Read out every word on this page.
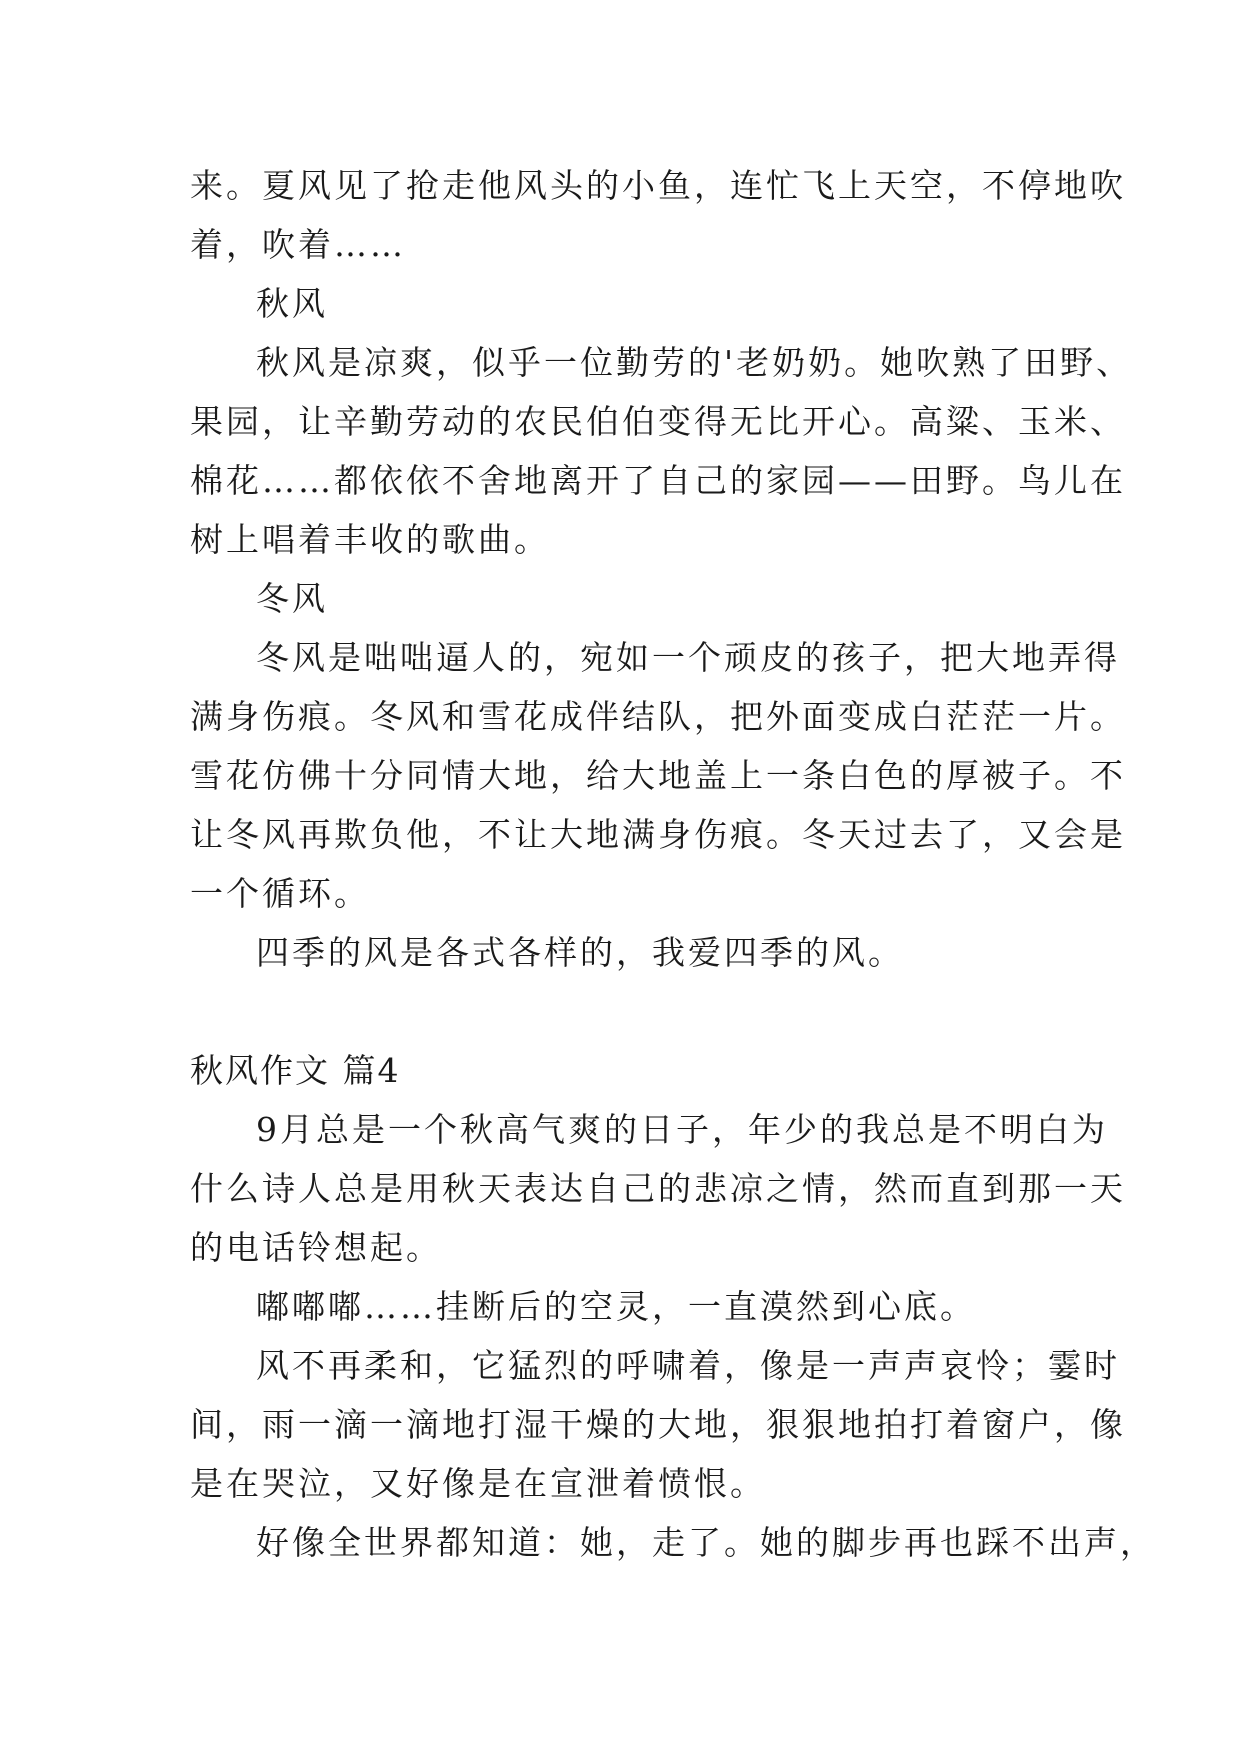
来。夏风见了抢走他风头的小鱼，连忙飞上天空，不停地吹
着，吹着……
秋风
秋风是凉爽，似乎一位勤劳的'老奶奶。她吹熟了田野、
果园，让辛勤劳动的农民伯伯变得无比开心。高粱、玉米、
棉花……都依依不舍地离开了自己的家园——田野。鸟儿在
树上唱着丰收的歌曲。
冬风
冬风是咄咄逼人的，宛如一个顽皮的孩子，把大地弄得
满身伤痕。冬风和雪花成伴结队，把外面变成白茫茫一片。
雪花仿佛十分同情大地，给大地盖上一条白色的厚被子。不
让冬风再欺负他，不让大地满身伤痕。冬天过去了，又会是
一个循环。
四季的风是各式各样的，我爱四季的风。
秋风作文 篇4
9月总是一个秋高气爽的日子，年少的我总是不明白为
什么诗人总是用秋天表达自己的悲凉之情，然而直到那一天
的电话铃想起。
嘟嘟嘟……挂断后的空灵，一直漠然到心底。
风不再柔和，它猛烈的呼啸着，像是一声声哀怜；霎时
间，雨一滴一滴地打湿干燥的大地，狠狠地拍打着窗户，像
是在哭泣，又好像是在宣泄着愤恨。
好像全世界都知道：她，走了。她的脚步再也踩不出声，
